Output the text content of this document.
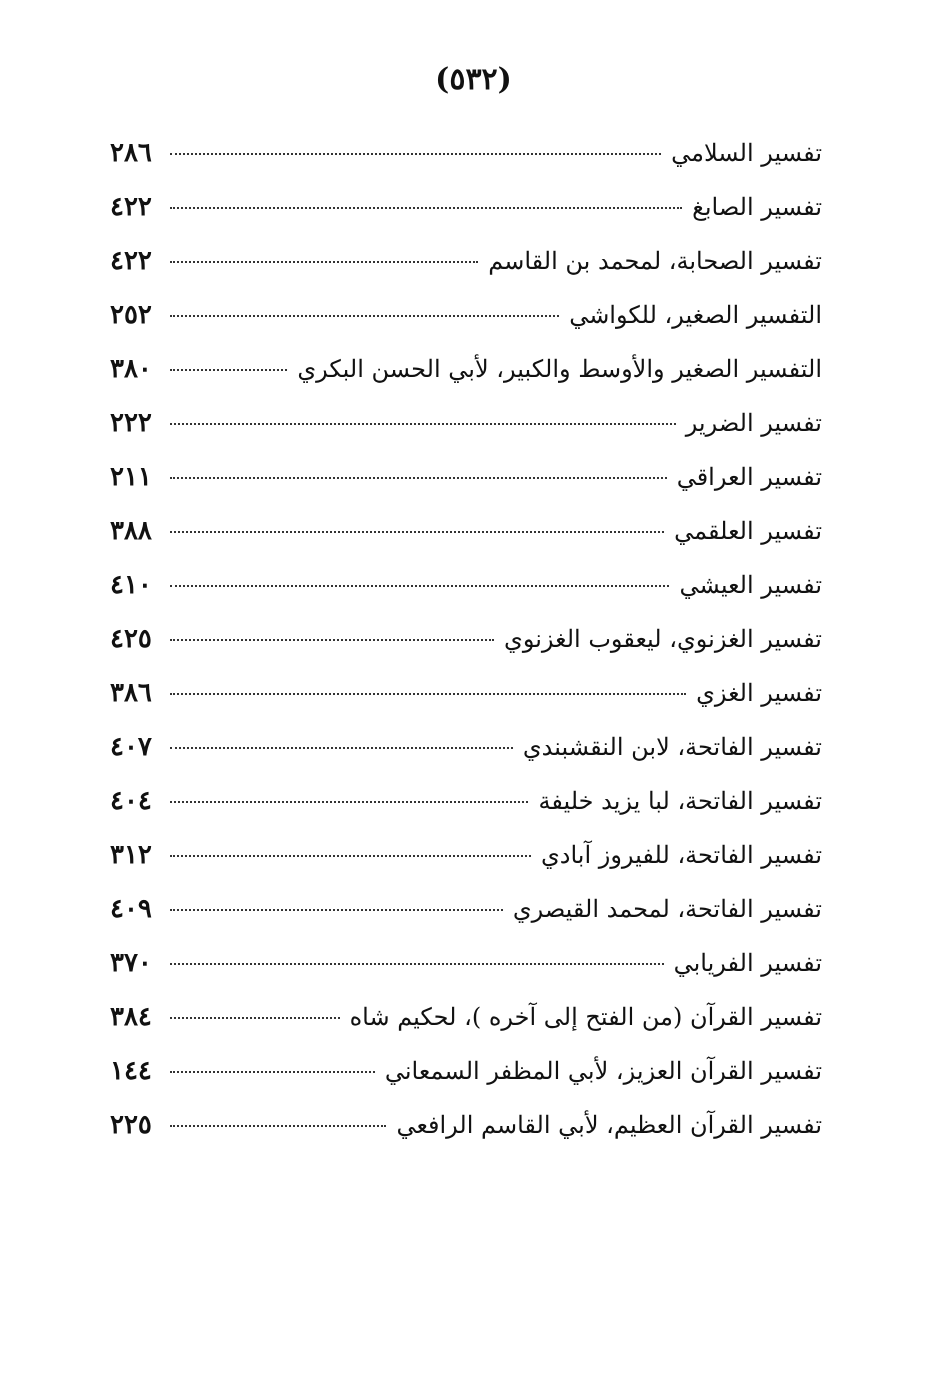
(٥٣٢)
تفسير السلامي
٢٨٦
تفسير الصابغ
٤٢٢
تفسير الصحابة، لمحمد بن القاسم
٤٢٢
التفسير الصغير، للكواشي
٢٥٢
التفسير الصغير والأوسط والكبير، لأبي الحسن البكري
٣٨٠
تفسير الضرير
٢٢٢
تفسير العراقي
٢١١
تفسير العلقمي
٣٨٨
تفسير العيشي
٤١٠
تفسير الغزنوي، ليعقوب الغزنوي
٤٢٥
تفسير الغزي
٣٨٦
تفسير الفاتحة، لابن النقشبندي
٤٠٧
تفسير الفاتحة، لبا يزيد خليفة
٤٠٤
تفسير الفاتحة، للفيروز آبادي
٣١٢
تفسير الفاتحة، لمحمد القيصري
٤٠٩
تفسير الفريابي
٣٧٠
تفسير القرآن (من الفتح إلى آخره )، لحكيم شاه
٣٨٤
تفسير القرآن العزيز، لأبي المظفر السمعاني
١٤٤
تفسير القرآن العظيم، لأبي القاسم الرافعي
٢٢٥
